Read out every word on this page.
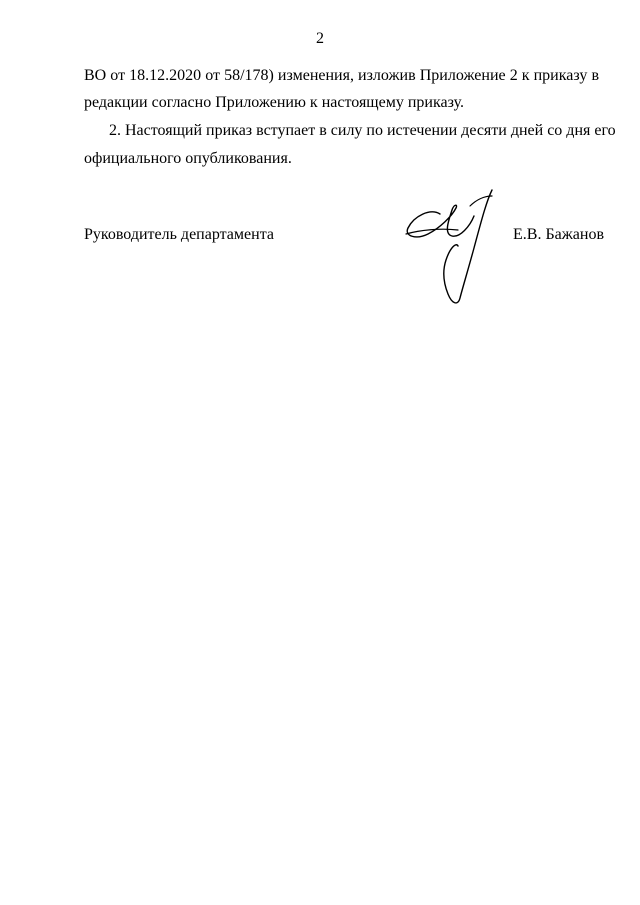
2
ВО от 18.12.2020 от 58/178) изменения, изложив Приложение 2 к приказу в
редакции согласно Приложению к настоящему приказу.
2. Настоящий приказ вступает в силу по истечении десяти дней со дня его
официального опубликования.
Руководитель департамента	Е.В. Бажанов
